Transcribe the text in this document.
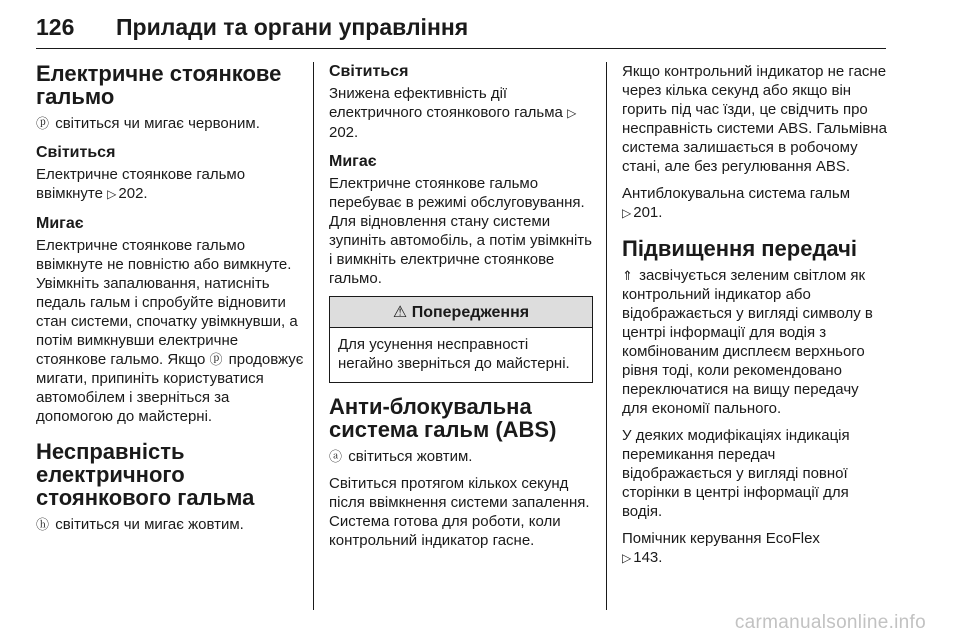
126 Прилади та органи управління
Електричне стоянкове гальмо

ⓟ світиться чи мигає червоним.

Світиться

Електричне стоянкове гальмо ввімкнуте ▷ 202.

Мигає

Електричне стоянкове гальмо ввімкнуте не повністю або вимкнуте. Увімкніть запалювання, натисніть педаль гальм і спробуйте відновити стан системи, спочатку увімкнувши, а потім вимкнувши електричне стоянкове гальмо. Якщо ⓟ продовжує мигати, припиніть користуватися автомобілем і зверніться за допомогою до майстерні.

Несправність електричного стоянкового гальма

ⓗ світиться чи мигає жовтим.

Світиться

Знижена ефективність дії електричного стоянкового гальма ▷202.

Мигає

Електричне стоянкове гальмо перебуває в режимі обслуговування. Для відновлення стану системи зупиніть автомобіль, а потім увімкніть і вимкніть електричне стоянкове гальмо.

⚠ Попередження
Для усунення несправності негайно зверніться до майстерні.
Анти-блокувальна система гальм (ABS)

ⓐ світиться жовтим.

Світиться протягом кількох секунд після ввімкнення системи запалення. Система готова для роботи, коли контрольний індикатор гасне.

Якщо контрольний індикатор не гасне через кілька секунд або якщо він горить під час їзди, це свідчить про несправність системи ABS. Гальмівна система залишається в робочому стані, але без регулювання ABS.

Антиблокувальна система гальм
▷ 201.

Підвищення передачі

⇑ засвічується зеленим світлом як контрольний індикатор або відображається у вигляді символу в центрі інформації для водія з комбінованим дисплеєм верхнього рівня тоді, коли рекомендовано переключатися на вищу передачу для економії пального.

У деяких модифікаціях індикація перемикання передач відображається у вигляді повної сторінки в центрі інформації для водія.

Помічник керування EcoFlex
▷ 143.

carmanualsonline.info
